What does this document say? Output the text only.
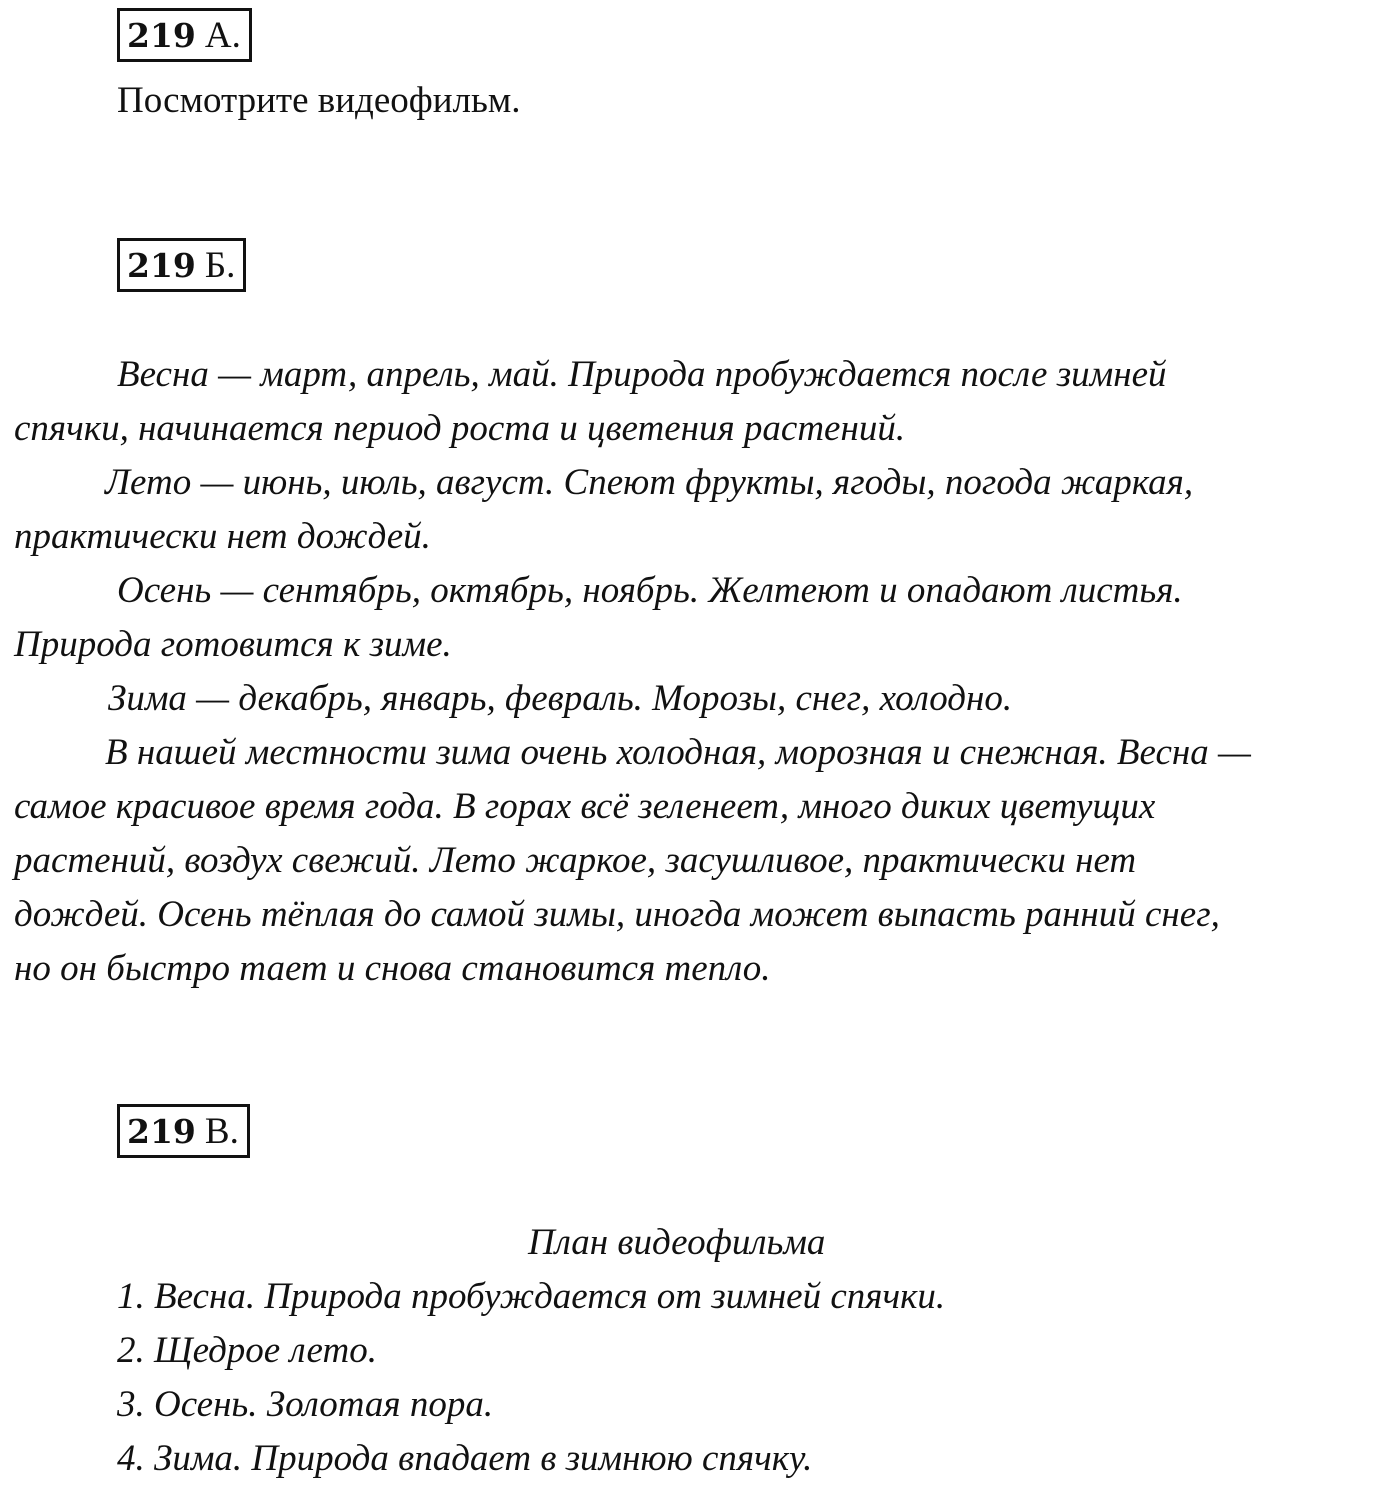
219 А.
Посмотрите видеофильм.
219 Б.
Весна — март, апрель, май. Природа пробуждается после зимней
спячки, начинается период роста и цветения растений.
Лето — июнь, июль, август. Спеют фрукты, ягоды, погода жаркая,
практически нет дождей.
Осень — сентябрь, октябрь, ноябрь. Желтеют и опадают листья.
Природа готовится к зиме.
Зима — декабрь, январь, февраль. Морозы, снег, холодно.
В нашей местности зима очень холодная, морозная и снежная. Весна —
самое красивое время года. В горах всё зеленеет, много диких цветущих
растений, воздух свежий. Лето жаркое, засушливое, практически нет
дождей. Осень тёплая до самой зимы, иногда может выпасть ранний снег,
но он быстро тает и снова становится тепло.
219 В.
План видеофильма
1. Весна. Природа пробуждается от зимней спячки.
2. Щедрое лето.
3. Осень. Золотая пора.
4. Зима. Природа впадает в зимнюю спячку.
